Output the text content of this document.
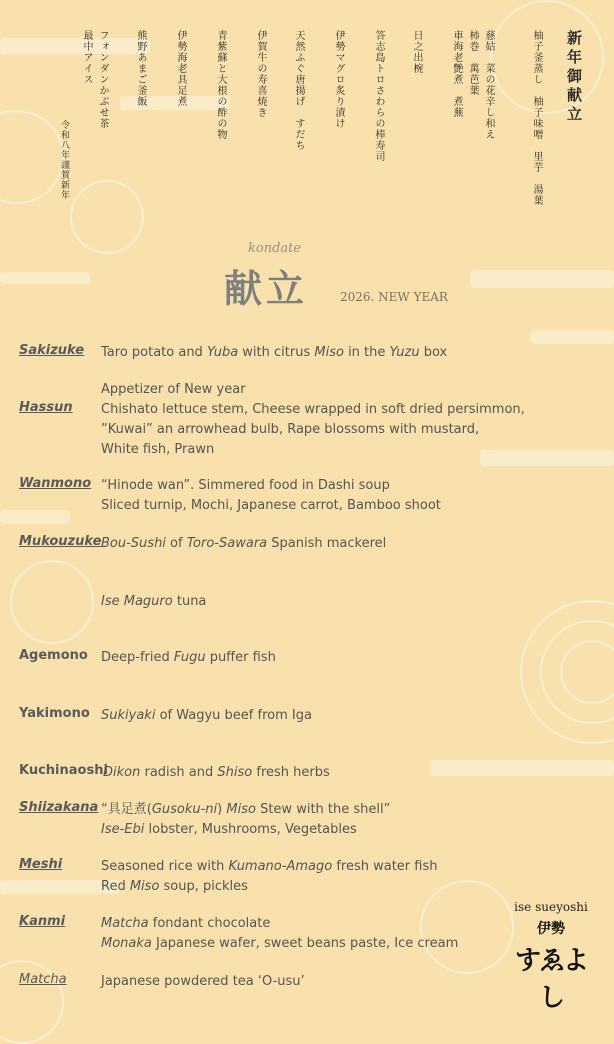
新年御献立
柚子釜蒸し　柚子味噌　里芋　湯葉
慈姑　菜の花辛し和え
柿巻　萬芭葉
車海老艶煮　煮蕪
日之出椀
答志島トロさわらの棒寿司
伊勢マグロ炙り漬け
天然ふぐ唐揚げ　すだち
伊賀牛の寿喜焼き
青紫蘇と大根の酢の物
伊勢海老具足煮
熊野あまご釜飯
フォンダンかぶせ茶
最中アイス
令和八年謹賀新年
kondate
献立	2026. NEW YEAR
Sakizuke Taro potato and Yuba with citrus Miso in the Yuzu box
Hassun
Appetizer of New year
Chishato lettuce stem, Cheese wrapped in soft dried persimmon,
”Kuwai” an arrowhead bulb, Rape blossoms with mustard,
White fish, Prawn
Wanmono “Hinode wan”. Simmered food in Dashi soup
Sliced turnip, Mochi, Japanese carrot, Bamboo shoot
Mukouzuke Bou-Sushi of Toro-Sawara Spanish mackerel
Ise Maguro tuna
Agemono Deep-fried Fugu puffer fish
Yakimono Sukiyaki of Wagyu beef from Iga
Kuchinaoshi
Dikon radish and Shiso fresh herbs
Shiizakana “具足煮(Gusoku-ni) Miso Stew with the shell”
Ise-Ebi lobster, Mushrooms, Vegetables
Meshi	Seasoned rice with Kumano-Amago fresh water fish
Red Miso soup, pickles
Kanmi	Matcha fondant chocolate
Monaka Japanese wafer, sweet beans paste, Ice cream
Matcha	Japanese powdered tea ‘O-usu’
ise sueyoshi
伊勢
すゑよし
